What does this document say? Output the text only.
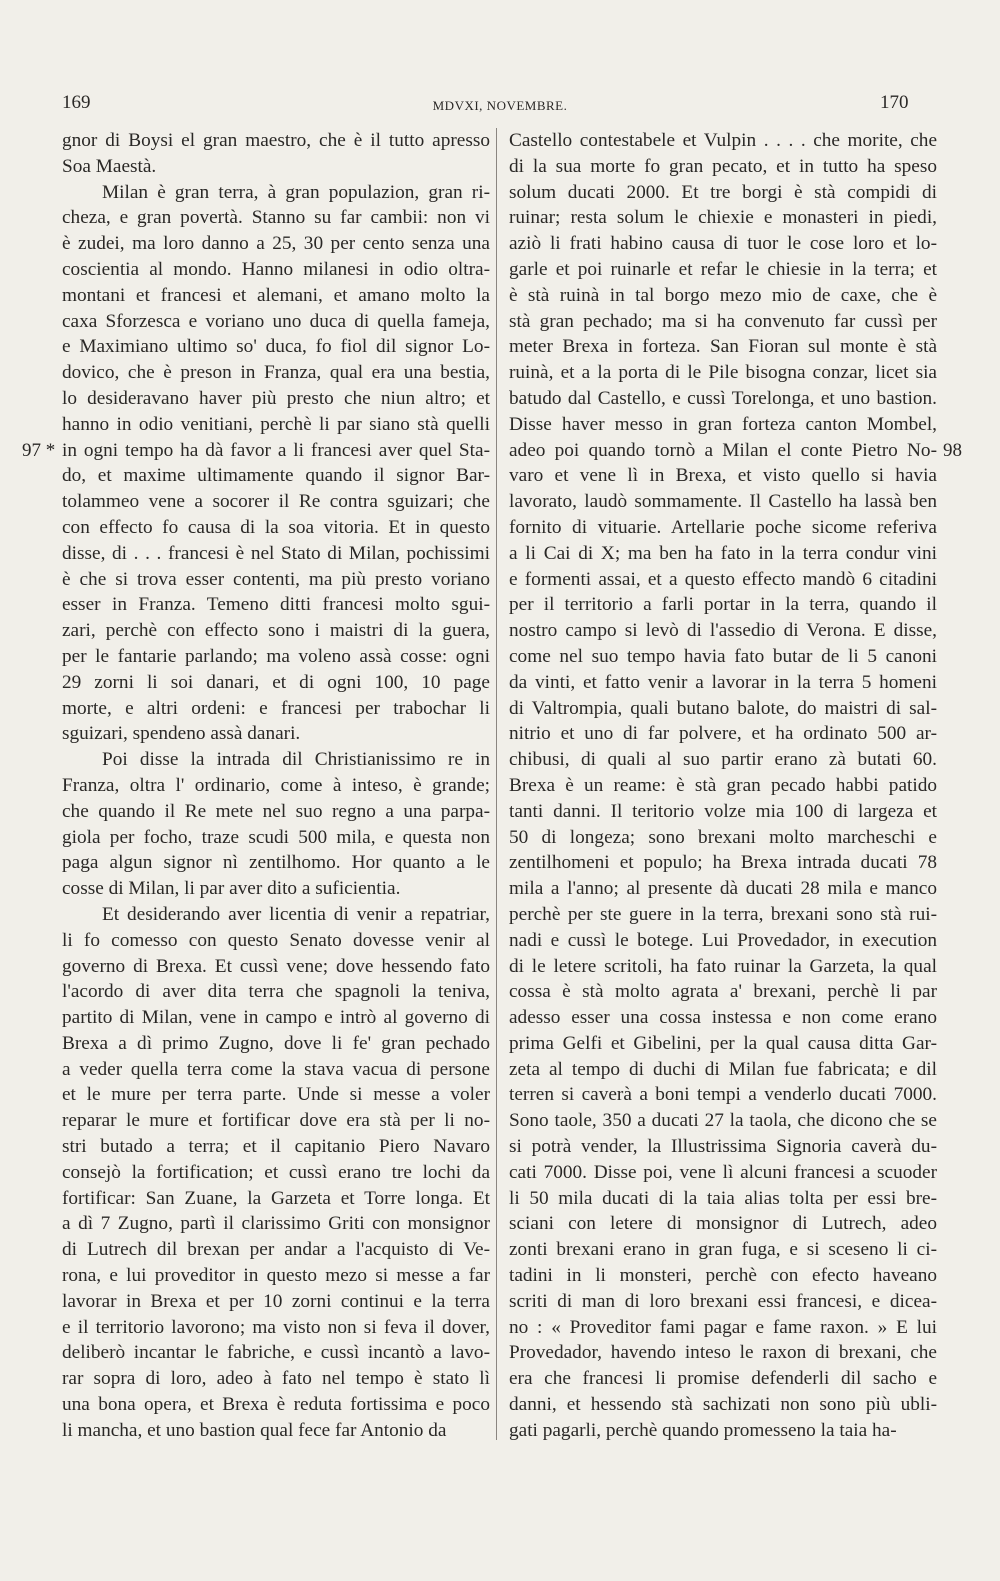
169	MDVXI, NOVEMBRE.	170
97 *	98
gnor di Boysi el gran maestro, che è il tutto apresso
Soa Maestà.
Milan è gran terra, à gran populazion, gran ri-
cheza, e gran povertà. Stanno su far cambii: non vi
è zudei, ma loro danno a 25, 30 per cento senza una
coscientia al mondo. Hanno milanesi in odio oltra-
montani et francesi et alemani, et amano molto la
caxa Sforzesca e voriano uno duca di quella fameja,
e Maximiano ultimo so' duca, fo fiol dil signor Lo-
dovico, che è preson in Franza, qual era una bestia,
lo desideravano haver più presto che niun altro; et
hanno in odio venitiani, perchè li par siano stà quelli
in ogni tempo ha dà favor a li francesi aver quel Sta-
do, et maxime ultimamente quando il signor Bar-
tolammeo vene a socorer il Re contra sguizari; che
con effecto fo causa di la soa vitoria. Et in questo
disse, di . . . francesi è nel Stato di Milan, pochissimi
è che si trova esser contenti, ma più presto voriano
esser in Franza. Temeno ditti francesi molto sgui-
zari, perchè con effecto sono i maistri di la guera,
per le fantarie parlando; ma voleno assà cosse: ogni
29 zorni li soi danari, et di ogni 100, 10 page
morte, e altri ordeni: e francesi per trabochar li
sguizari, spendeno assà danari.
Poi disse la intrada dil Christianissimo re in
Franza, oltra l' ordinario, come à inteso, è grande;
che quando il Re mete nel suo regno a una parpa-
giola per focho, traze scudi 500 mila, e questa non
paga algun signor nì zentilhomo. Hor quanto a le
cosse di Milan, li par aver dito a suficientia.
Et desiderando aver licentia di venir a repatriar,
li fo comesso con questo Senato dovesse venir al
governo di Brexa. Et cussì vene; dove hessendo fato
l'acordo di aver dita terra che spagnoli la teniva,
partito di Milan, vene in campo e intrò al governo di
Brexa a dì primo Zugno, dove li fe' gran pechado
a veder quella terra come la stava vacua di persone
et le mure per terra parte. Unde si messe a voler
reparar le mure et fortificar dove era stà per li no-
stri butado a terra; et il capitanio Piero Navaro
consejò la fortification; et cussì erano tre lochi da
fortificar: San Zuane, la Garzeta et Torre longa. Et
a dì 7 Zugno, partì il clarissimo Griti con monsignor
di Lutrech dil brexan per andar a l'acquisto di Ve-
rona, e lui proveditor in questo mezo si messe a far
lavorar in Brexa et per 10 zorni continui e la terra
e il territorio lavorono; ma visto non si feva il dover,
deliberò incantar le fabriche, e cussì incantò a lavo-
rar sopra di loro, adeo à fato nel tempo è stato lì
una bona opera, et Brexa è reduta fortissima e poco
li mancha, et uno bastion qual fece far Antonio da
Castello contestabele et Vulpin . . . . che morite, che
di la sua morte fo gran pecato, et in tutto ha speso
solum ducati 2000. Et tre borgi è stà compidi di
ruinar; resta solum le chiexie e monasteri in piedi,
aziò li frati habino causa di tuor le cose loro et lo-
garle et poi ruinarle et refar le chiesie in la terra; et
è stà ruinà in tal borgo mezo mio de caxe, che è
stà gran pechado; ma si ha convenuto far cussì per
meter Brexa in forteza. San Fioran sul monte è stà
ruinà, et a la porta di le Pile bisogna conzar, licet sia
batudo dal Castello, e cussì Torelonga, et uno bastion.
Disse haver messo in gran forteza canton Mombel,
adeo poi quando tornò a Milan el conte Pietro No-
varo et vene lì in Brexa, et visto quello si havia
lavorato, laudò sommamente. Il Castello ha lassà ben
fornito di vituarie. Artellarie poche sicome referiva
a li Cai di X; ma ben ha fato in la terra condur vini
e formenti assai, et a questo effecto mandò 6 citadini
per il territorio a farli portar in la terra, quando il
nostro campo si levò di l'assedio di Verona. E disse,
come nel suo tempo havia fato butar de li 5 canoni
da vinti, et fatto venir a lavorar in la terra 5 homeni
di Valtrompia, quali butano balote, do maistri di sal-
nitrio et uno di far polvere, et ha ordinato 500 ar-
chibusi, di quali al suo partir erano zà butati 60.
Brexa è un reame: è stà gran pecado habbi patido
tanti danni. Il teritorio volze mia 100 di largeza et
50 di longeza; sono brexani molto marcheschi e
zentilhomeni et populo; ha Brexa intrada ducati 78
mila a l'anno; al presente dà ducati 28 mila e manco
perchè per ste guere in la terra, brexani sono stà rui-
nadi e cussì le botege. Lui Provedador, in execution
di le letere scritoli, ha fato ruinar la Garzeta, la qual
cossa è stà molto agrata a' brexani, perchè li par
adesso esser una cossa instessa e non come erano
prima Gelfi et Gibelini, per la qual causa ditta Gar-
zeta al tempo di duchi di Milan fue fabricata; e dil
terren si caverà a boni tempi a venderlo ducati 7000.
Sono taole, 350 a ducati 27 la taola, che dicono che se
si potrà vender, la Illustrissima Signoria caverà du-
cati 7000. Disse poi, vene lì alcuni francesi a scuoder
li 50 mila ducati di la taia alias tolta per essi bre-
sciani con letere di monsignor di Lutrech, adeo
zonti brexani erano in gran fuga, e si sceseno li ci-
tadini in li monsteri, perchè con efecto haveano
scriti di man di loro brexani essi francesi, e dicea-
no : « Proveditor fami pagar e fame raxon. » E lui
Provedador, havendo inteso le raxon di brexani, che
era che francesi li promise defenderli dil sacho e
danni, et hessendo stà sachizati non sono più ubli-
gati pagarli, perchè quando promesseno la taia ha-
